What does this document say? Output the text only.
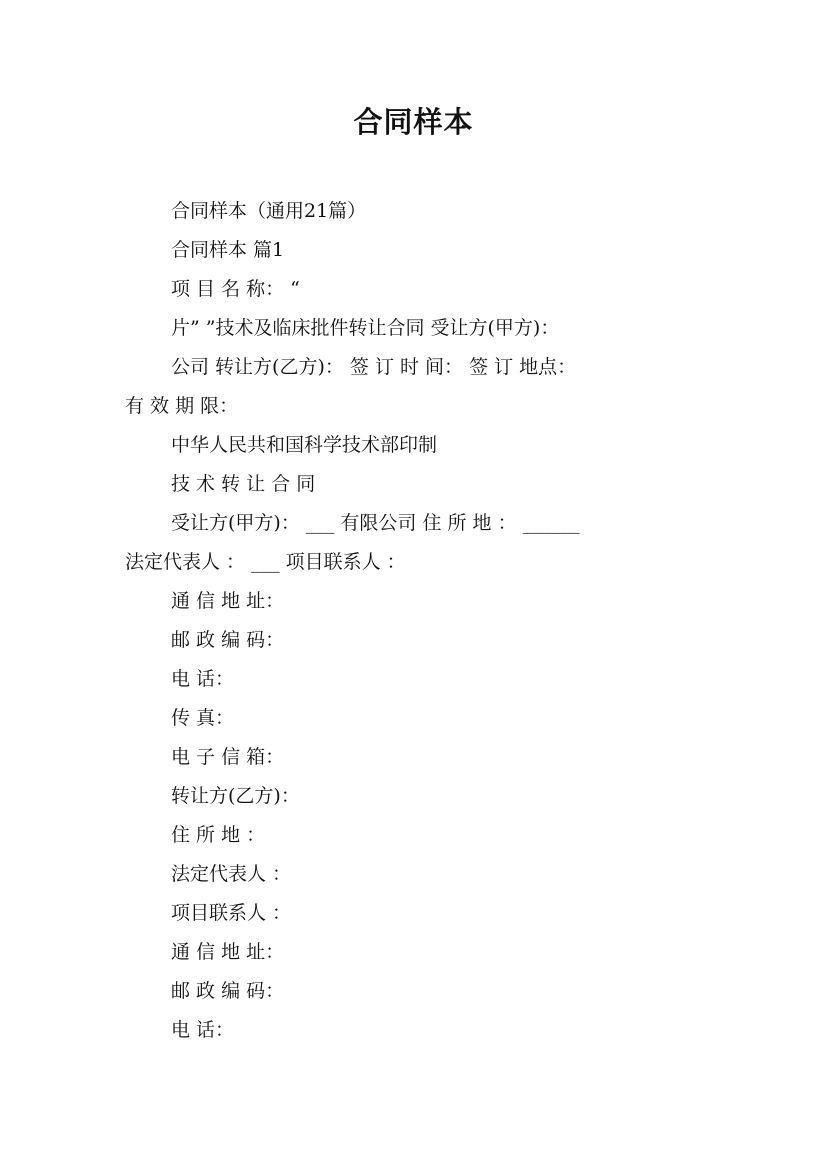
合同样本
合同样本（通用21篇）
合同样本 篇1
项 目 名 称： “
片” ”技术及临床批件转让合同 受让方(甲方)：
公司 转让方(乙方)： 签 订 时 间： 签 订 地点：
有 效 期 限：
中华人民共和国科学技术部印制
技 术 转 让 合 同
受让方(甲方)： ___ 有限公司 住 所 地 ： ______
法定代表人 ： ___ 项目联系人 ：
通 信 地 址：
邮 政 编 码：
电 话：
传 真：
电 子 信 箱：
转让方(乙方)：
住 所 地 ：
法定代表人 ：
项目联系人 ：
通 信 地 址：
邮 政 编 码：
电 话：
